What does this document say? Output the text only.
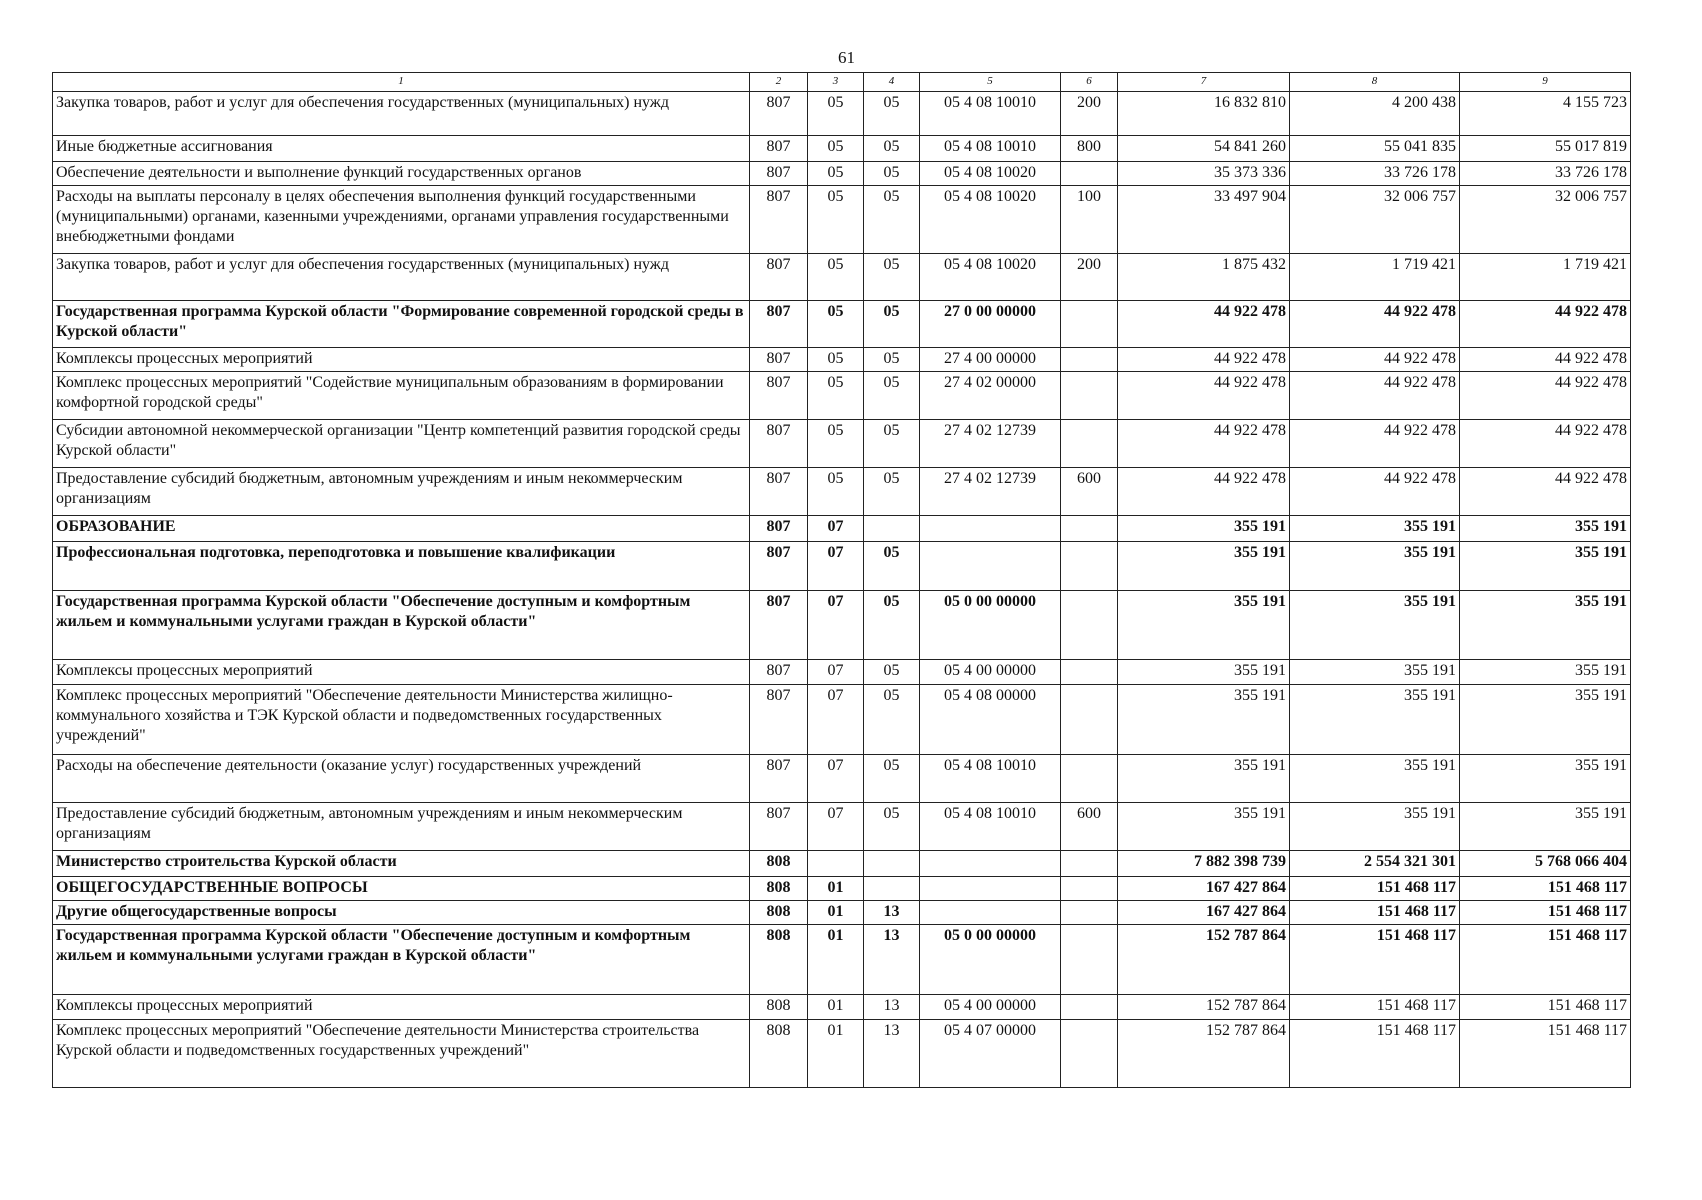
61
1	2	3	4	5	6	7	8	9
Закупка товаров, работ и услуг для обеспечения государственных (муниципальных) нужд	807	05	05	05 4 08 10010	200	16 832 810	4 200 438	4 155 723
Иные бюджетные ассигнования	807	05	05	05 4 08 10010	800	54 841 260	55 041 835	55 017 819
Обеспечение деятельности и выполнение функций государственных органов	807	05	05	05 4 08 10020		35 373 336	33 726 178	33 726 178
Расходы на выплаты персоналу в целях обеспечения выполнения функций государственными (муниципальными) органами, казенными учреждениями, органами управления государственными внебюджетными фондами	807	05	05	05 4 08 10020	100	33 497 904	32 006 757	32 006 757
Закупка товаров, работ и услуг для обеспечения государственных (муниципальных) нужд	807	05	05	05 4 08 10020	200	1 875 432	1 719 421	1 719 421
Государственная программа Курской области "Формирование современной городской среды в Курской области"	807	05	05	27 0 00 00000		44 922 478	44 922 478	44 922 478
Комплексы процессных мероприятий	807	05	05	27 4 00 00000		44 922 478	44 922 478	44 922 478
Комплекс процессных мероприятий "Содействие муниципальным образованиям в формировании комфортной городской среды"	807	05	05	27 4 02 00000		44 922 478	44 922 478	44 922 478
Субсидии автономной некоммерческой организации "Центр компетенций развития городской среды Курской области"	807	05	05	27 4 02 12739		44 922 478	44 922 478	44 922 478
Предоставление субсидий бюджетным, автономным учреждениям и иным некоммерческим организациям	807	05	05	27 4 02 12739	600	44 922 478	44 922 478	44 922 478
ОБРАЗОВАНИЕ	807	07				355 191	355 191	355 191
Профессиональная подготовка, переподготовка и повышение квалификации	807	07	05			355 191	355 191	355 191
Государственная программа Курской области "Обеспечение доступным и комфортным жильем и коммунальными услугами граждан в Курской области"	807	07	05	05 0 00 00000		355 191	355 191	355 191
Комплексы процессных мероприятий	807	07	05	05 4 00 00000		355 191	355 191	355 191
Комплекс процессных мероприятий "Обеспечение деятельности Министерства жилищно-коммунального хозяйства и ТЭК Курской области и подведомственных государственных учреждений"	807	07	05	05 4 08 00000		355 191	355 191	355 191
Расходы на обеспечение деятельности (оказание услуг) государственных учреждений	807	07	05	05 4 08 10010		355 191	355 191	355 191
Предоставление субсидий бюджетным, автономным учреждениям и иным некоммерческим организациям	807	07	05	05 4 08 10010	600	355 191	355 191	355 191
Министерство строительства Курской области	808					7 882 398 739	2 554 321 301	5 768 066 404
ОБЩЕГОСУДАРСТВЕННЫЕ ВОПРОСЫ	808	01				167 427 864	151 468 117	151 468 117
Другие общегосударственные вопросы	808	01	13			167 427 864	151 468 117	151 468 117
Государственная программа Курской области "Обеспечение доступным и комфортным жильем и коммунальными услугами граждан в Курской области"	808	01	13	05 0 00 00000		152 787 864	151 468 117	151 468 117
Комплексы процессных мероприятий	808	01	13	05 4 00 00000		152 787 864	151 468 117	151 468 117
Комплекс процессных мероприятий "Обеспечение деятельности Министерства строительства Курской области и подведомственных государственных учреждений"	808	01	13	05 4 07 00000		152 787 864	151 468 117	151 468 117
